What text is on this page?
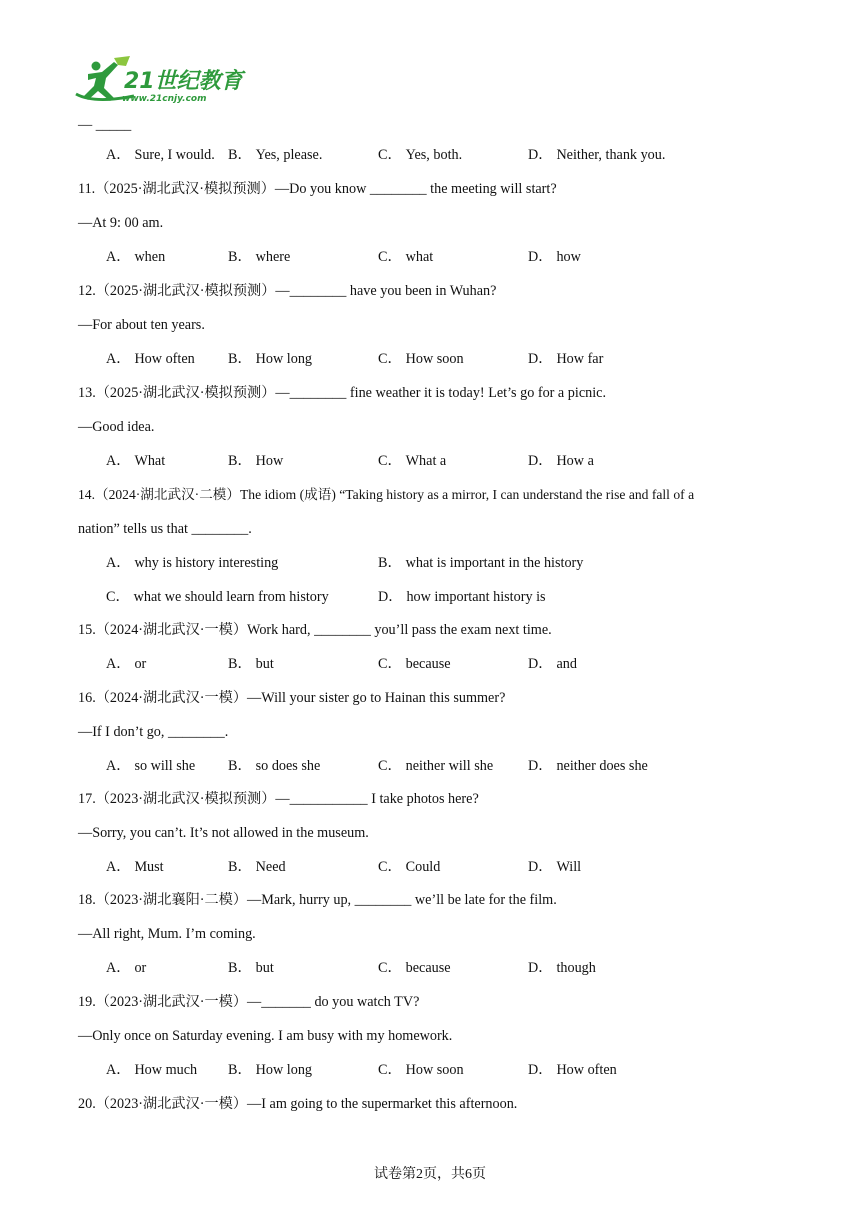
21世纪教育
www.21cnjy.com
— _____
A． Sure, I would. B． Yes, please.	C． Yes, both.	D． Neither, thank you.
11.（2025·湖北武汉·模拟预测）—Do you know ________ the meeting will start?
—At 9: 00 am.
A． when	B． where	C． what	D． how
12.（2025·湖北武汉·模拟预测）—________ have you been in Wuhan?
—For about ten years.
A． How often B． How long	C． How soon	D． How far
13.（2025·湖北武汉·模拟预测）—________ fine weather it is today! Let’s go for a picnic.
—Good idea.
A． What	B． How	C． What a	D． How a
14.（2024·湖北武汉·二模）The idiom (成语) “Taking history as a mirror, I can understand the rise and fall of a
nation” tells us that ________.
A． why is history interesting	B． what is important in the history
C． what we should learn from history	D． how important history is
15.（2024·湖北武汉·一模）Work hard, ________ you’ll pass the exam next time.
A． or	B． but	C． because	D． and
16.（2024·湖北武汉·一模）—Will your sister go to Hainan this summer?
—If I don’t go, ________.
A． so will she B． so does she	C． neither will she D． neither does she
17.（2023·湖北武汉·模拟预测）—___________ I take photos here?
—Sorry, you can’t. It’s not allowed in the museum.
A． Must	B． Need	C． Could	D． Will
18.（2023·湖北襄阳·二模）—Mark, hurry up, ________ we’ll be late for the film.
—All right, Mum. I’m coming.
A． or	B． but	C． because	D． though
19.（2023·湖北武汉·一模）—_______ do you watch TV?
—Only once on Saturday evening. I am busy with my homework.
A． How much B． How long	C． How soon	D． How often
20.（2023·湖北武汉·一模）—I am going to the supermarket this afternoon.
试卷第2页，共6页
